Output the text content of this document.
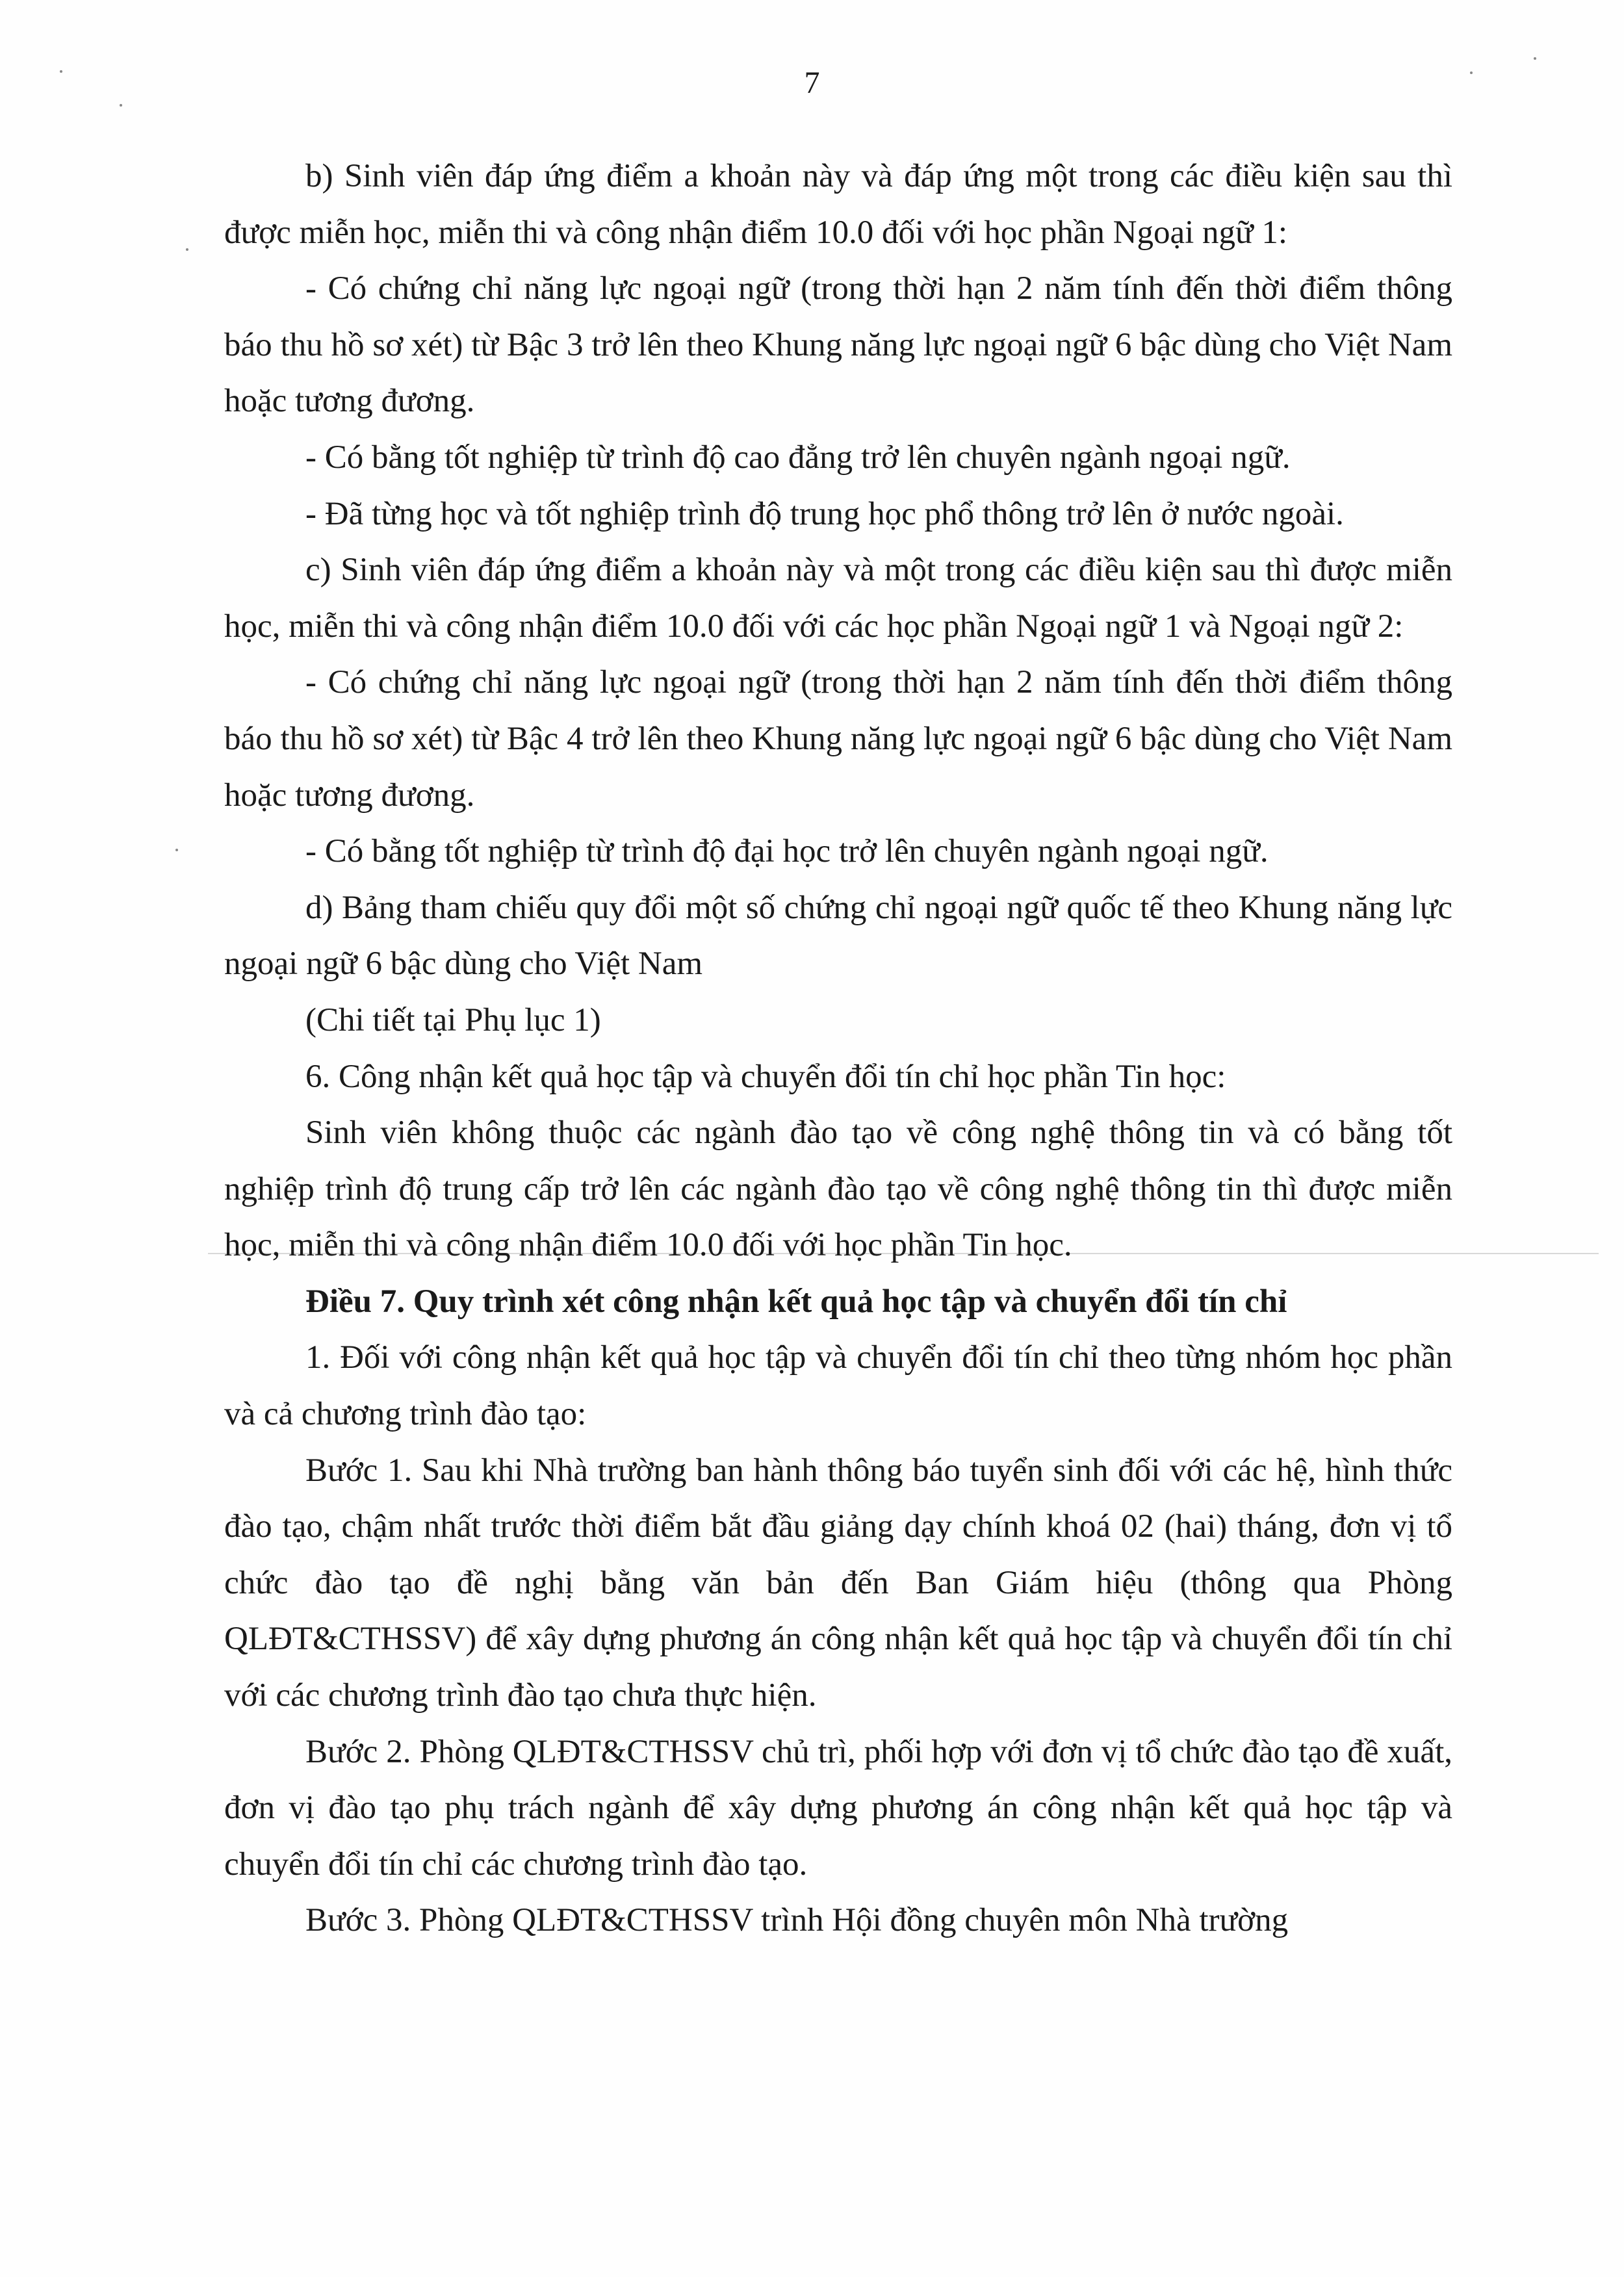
7

b) Sinh viên đáp ứng điểm a khoản này và đáp ứng một trong các điều kiện sau thì được miễn học, miễn thi và công nhận điểm 10.0 đối với học phần Ngoại ngữ 1:

- Có chứng chỉ năng lực ngoại ngữ (trong thời hạn 2 năm tính đến thời điểm thông báo thu hồ sơ xét) từ Bậc 3 trở lên theo Khung năng lực ngoại ngữ 6 bậc dùng cho Việt Nam hoặc tương đương.

- Có bằng tốt nghiệp từ trình độ cao đẳng trở lên chuyên ngành ngoại ngữ.

- Đã từng học và tốt nghiệp trình độ trung học phổ thông trở lên ở nước ngoài.

c) Sinh viên đáp ứng điểm a khoản này và một trong các điều kiện sau thì được miễn học, miễn thi và công nhận điểm 10.0 đối với các học phần Ngoại ngữ 1 và Ngoại ngữ 2:

- Có chứng chỉ năng lực ngoại ngữ (trong thời hạn 2 năm tính đến thời điểm thông báo thu hồ sơ xét) từ Bậc 4 trở lên theo Khung năng lực ngoại ngữ 6 bậc dùng cho Việt Nam hoặc tương đương.

- Có bằng tốt nghiệp từ trình độ đại học trở lên chuyên ngành ngoại ngữ.

d) Bảng tham chiếu quy đổi một số chứng chỉ ngoại ngữ quốc tế theo Khung năng lực ngoại ngữ 6 bậc dùng cho Việt Nam

(Chi tiết tại Phụ lục 1)

6. Công nhận kết quả học tập và chuyển đổi tín chỉ học phần Tin học:

Sinh viên không thuộc các ngành đào tạo về công nghệ thông tin và có bằng tốt nghiệp trình độ trung cấp trở lên các ngành đào tạo về công nghệ thông tin thì được miễn học, miễn thi và công nhận điểm 10.0 đối với học phần Tin học.

Điều 7. Quy trình xét công nhận kết quả học tập và chuyển đổi tín chỉ

1. Đối với công nhận kết quả học tập và chuyển đổi tín chỉ theo từng nhóm học phần và cả chương trình đào tạo:

Bước 1. Sau khi Nhà trường ban hành thông báo tuyển sinh đối với các hệ, hình thức đào tạo, chậm nhất trước thời điểm bắt đầu giảng dạy chính khoá 02 (hai) tháng, đơn vị tổ chức đào tạo đề nghị bằng văn bản đến Ban Giám hiệu (thông qua Phòng QLĐT&CTHSSV) để xây dựng phương án công nhận kết quả học tập và chuyển đổi tín chỉ với các chương trình đào tạo chưa thực hiện.

Bước 2. Phòng QLĐT&CTHSSV chủ trì, phối hợp với đơn vị tổ chức đào tạo đề xuất, đơn vị đào tạo phụ trách ngành để xây dựng phương án công nhận kết quả học tập và chuyển đổi tín chỉ các chương trình đào tạo.

Bước 3. Phòng QLĐT&CTHSSV trình Hội đồng chuyên môn Nhà trường
